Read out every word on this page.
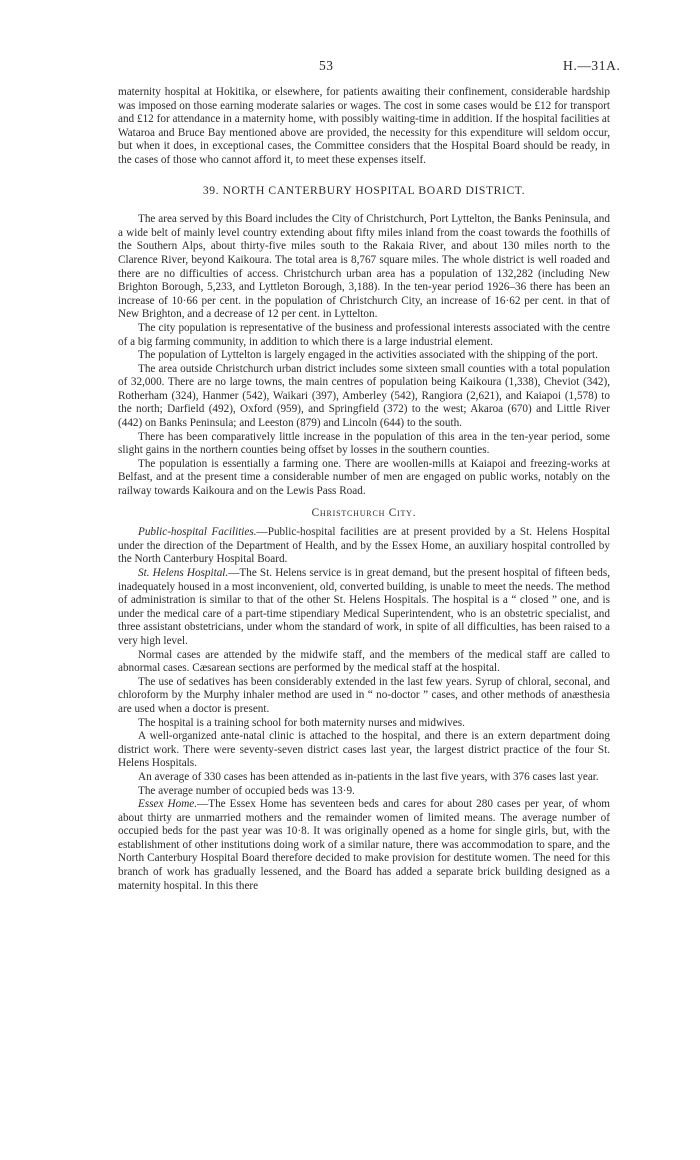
53	H.—31A.

maternity hospital at Hokitika, or elsewhere, for patients awaiting their confinement, considerable hardship was imposed on those earning moderate salaries or wages. The cost in some cases would be £12 for transport and £12 for attendance in a maternity home, with possibly waiting-time in addition. If the hospital facilities at Wataroa and Bruce Bay mentioned above are provided, the necessity for this expenditure will seldom occur, but when it does, in exceptional cases, the Committee considers that the Hospital Board should be ready, in the cases of those who cannot afford it, to meet these expenses itself.

39. NORTH CANTERBURY HOSPITAL BOARD DISTRICT.

The area served by this Board includes the City of Christchurch, Port Lyttelton, the Banks Peninsula, and a wide belt of mainly level country extending about fifty miles inland from the coast towards the foothills of the Southern Alps, about thirty-five miles south to the Rakaia River, and about 130 miles north to the Clarence River, beyond Kaikoura. The total area is 8,767 square miles. The whole district is well roaded and there are no difficulties of access. Christchurch urban area has a population of 132,282 (including New Brighton Borough, 5,233, and Lyttleton Borough, 3,188). In the ten-year period 1926–36 there has been an increase of 10·66 per cent. in the population of Christchurch City, an increase of 16·62 per cent. in that of New Brighton, and a decrease of 12 per cent. in Lyttelton.

The city population is representative of the business and professional interests associated with the centre of a big farming community, in addition to which there is a large industrial element.

The population of Lyttelton is largely engaged in the activities associated with the shipping of the port.

The area outside Christchurch urban district includes some sixteen small counties with a total population of 32,000. There are no large towns, the main centres of population being Kaikoura (1,338), Cheviot (342), Rotherham (324), Hanmer (542), Waikari (397), Amberley (542), Rangiora (2,621), and Kaiapoi (1,578) to the north; Darfield (492), Oxford (959), and Springfield (372) to the west; Akaroa (670) and Little River (442) on Banks Peninsula; and Leeston (879) and Lincoln (644) to the south.

There has been comparatively little increase in the population of this area in the ten-year period, some slight gains in the northern counties being offset by losses in the southern counties.

The population is essentially a farming one. There are woollen-mills at Kaiapoi and freezing-works at Belfast, and at the present time a considerable number of men are engaged on public works, notably on the railway towards Kaikoura and on the Lewis Pass Road.

Christchurch City.

Public-hospital Facilities.—Public-hospital facilities are at present provided by a St. Helens Hospital under the direction of the Department of Health, and by the Essex Home, an auxiliary hospital controlled by the North Canterbury Hospital Board.

St. Helens Hospital.—The St. Helens service is in great demand, but the present hospital of fifteen beds, inadequately housed in a most inconvenient, old, converted building, is unable to meet the needs. The method of administration is similar to that of the other St. Helens Hospitals. The hospital is a “ closed ” one, and is under the medical care of a part-time stipendiary Medical Superintendent, who is an obstetric specialist, and three assistant obstetricians, under whom the standard of work, in spite of all difficulties, has been raised to a very high level.

Normal cases are attended by the midwife staff, and the members of the medical staff are called to abnormal cases. Cæsarean sections are performed by the medical staff at the hospital.

The use of sedatives has been considerably extended in the last few years. Syrup of chloral, seconal, and chloroform by the Murphy inhaler method are used in “ no-doctor ” cases, and other methods of anæsthesia are used when a doctor is present.

The hospital is a training school for both maternity nurses and midwives.

A well-organized ante-natal clinic is attached to the hospital, and there is an extern department doing district work. There were seventy-seven district cases last year, the largest district practice of the four St. Helens Hospitals.

An average of 330 cases has been attended as in-patients in the last five years, with 376 cases last year.

The average number of occupied beds was 13·9.

Essex Home.—The Essex Home has seventeen beds and cares for about 280 cases per year, of whom about thirty are unmarried mothers and the remainder women of limited means. The average number of occupied beds for the past year was 10·8. It was originally opened as a home for single girls, but, with the establishment of other institutions doing work of a similar nature, there was accommodation to spare, and the North Canterbury Hospital Board therefore decided to make provision for destitute women. The need for this branch of work has gradually lessened, and the Board has added a separate brick building designed as a maternity hospital. In this there
